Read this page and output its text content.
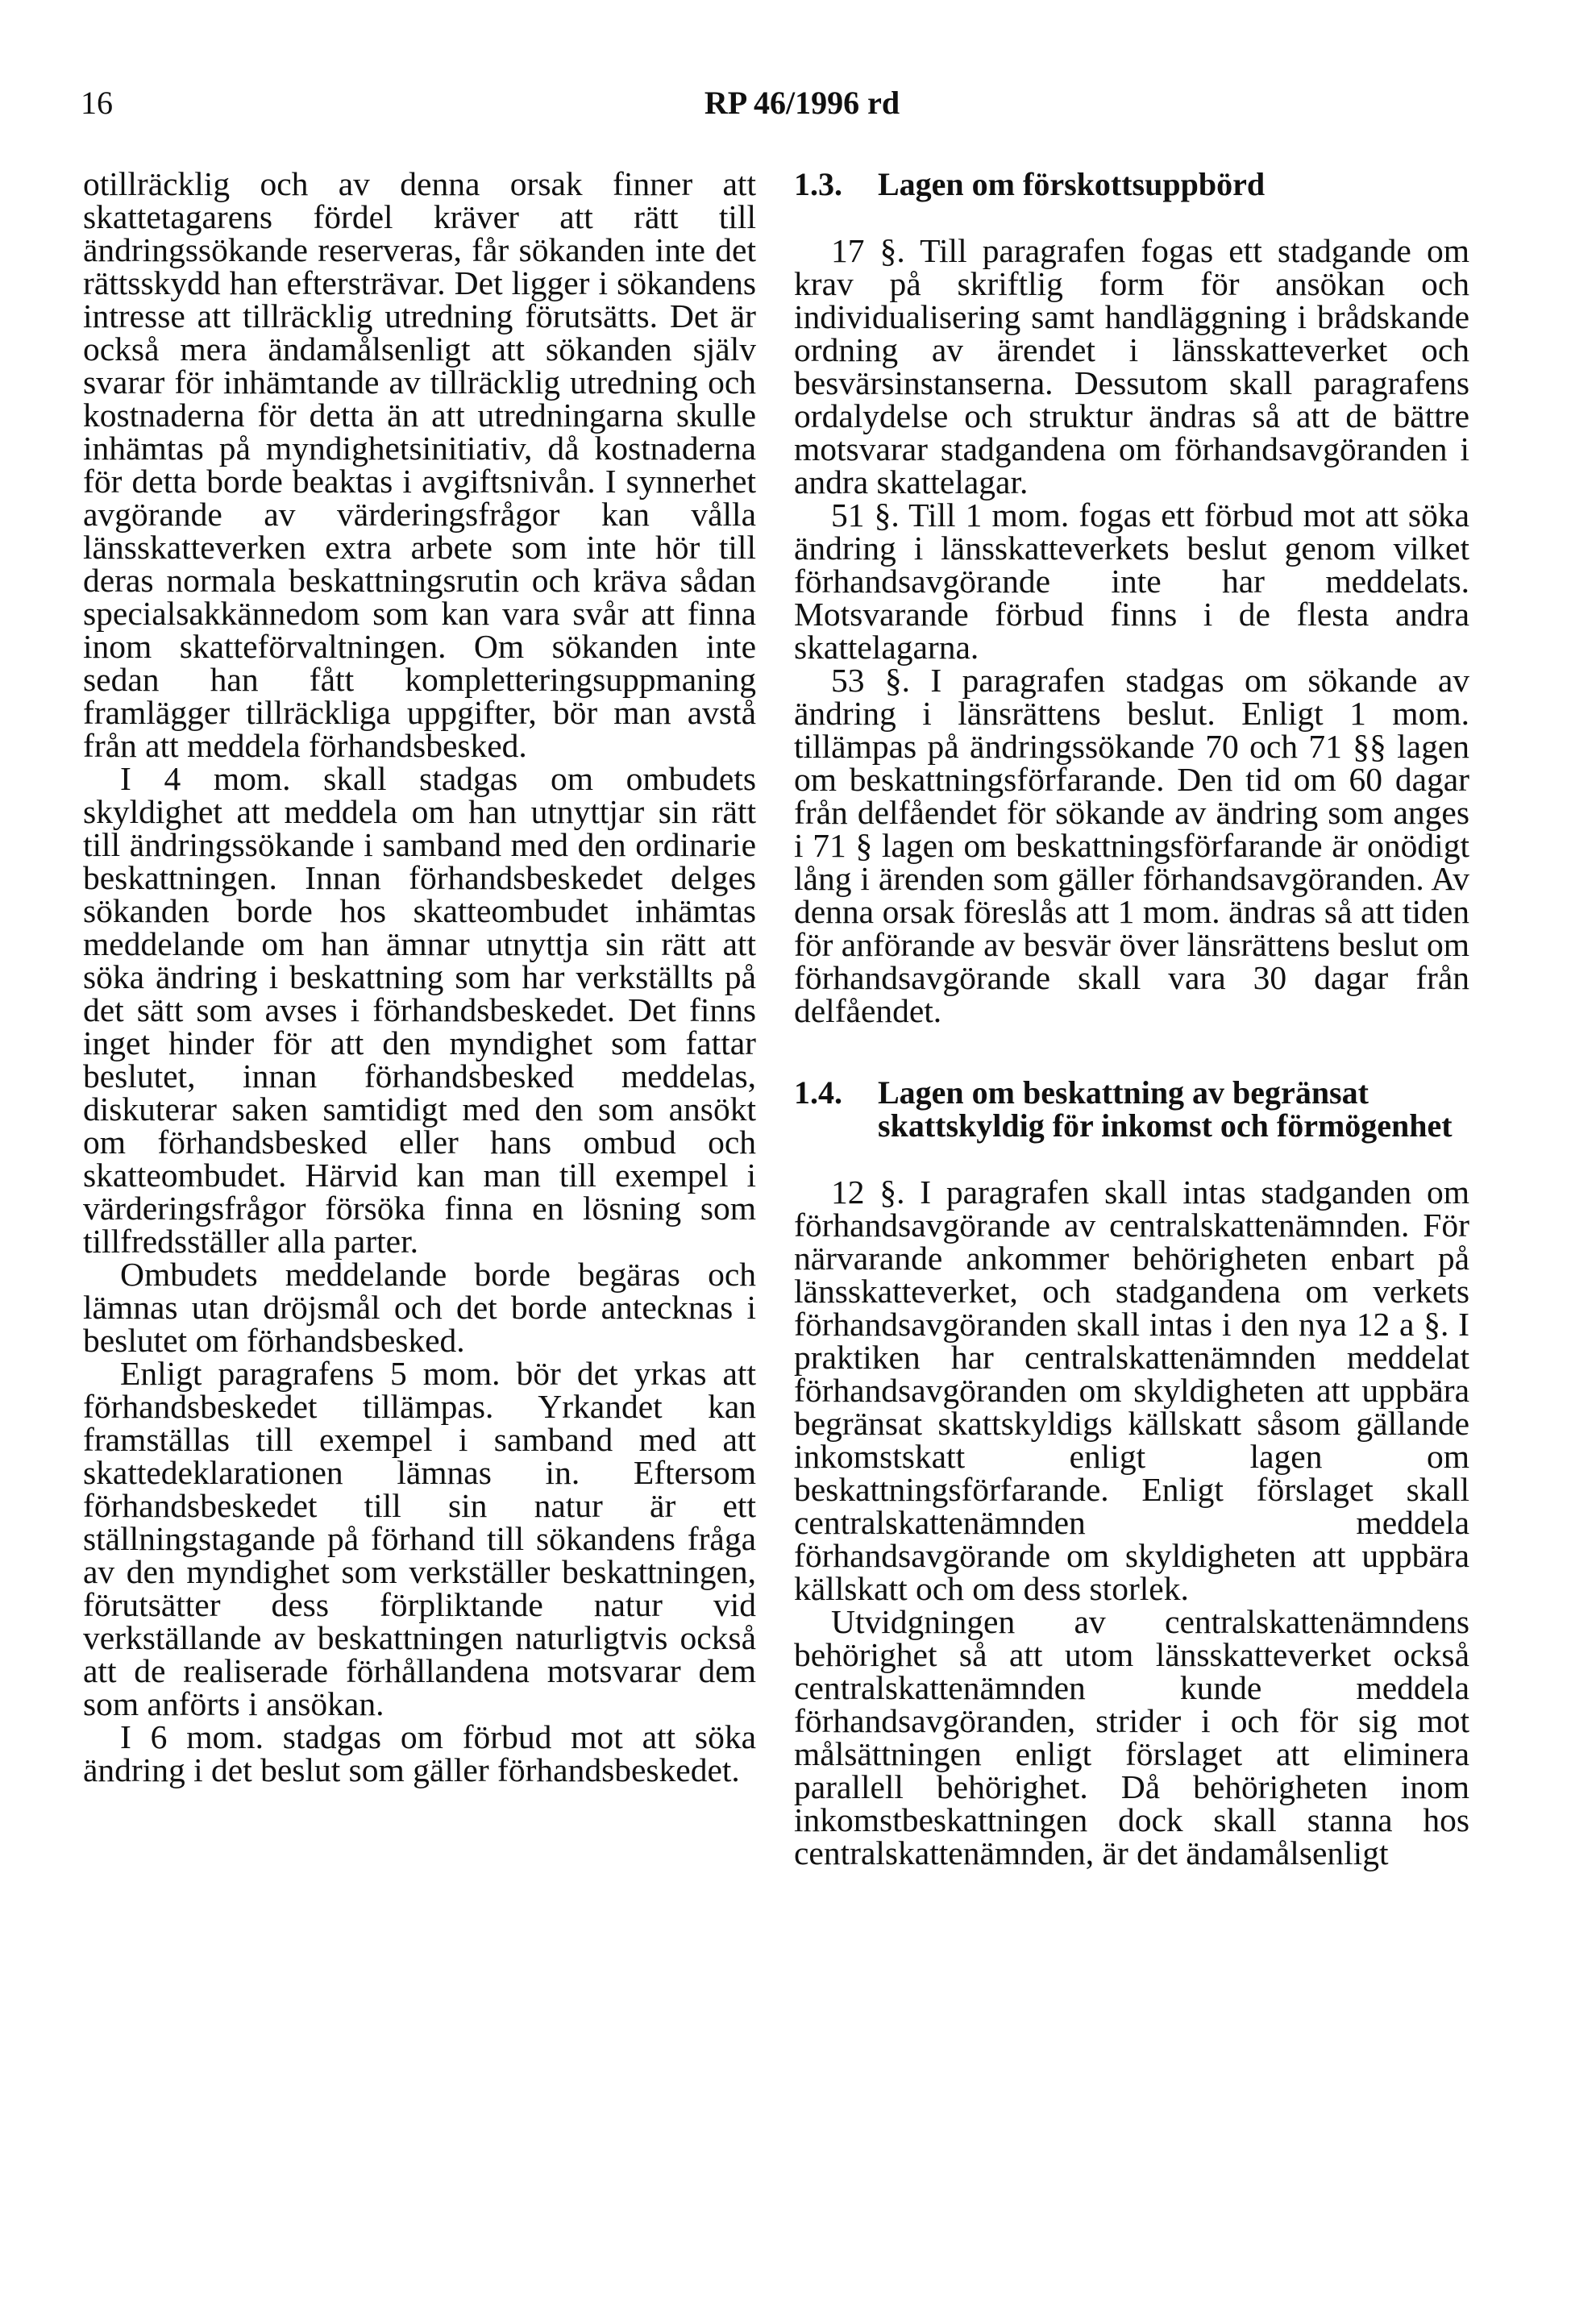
16	RP 46/1996 rd

otillräcklig och av denna orsak finner att skattetagarens fördel kräver att rätt till ändringssökande reserveras, får sökanden inte det rättsskydd han eftersträvar. Det ligger i sökandens intresse att tillräcklig utredning förutsätts. Det är också mera ändamålsenligt att sökanden själv svarar för inhämtande av tillräcklig utredning och kostnaderna för detta än att utredningarna skulle inhämtas på myndighetsinitiativ, då kostnaderna för detta borde beaktas i avgiftsnivån. I synnerhet avgörande av värderingsfrågor kan vålla länsskatteverken extra arbete som inte hör till deras normala beskattningsrutin och kräva sådan specialsakkännedom som kan vara svår att finna inom skatteförvaltningen. Om sökanden inte sedan han fått kompletteringsuppmaning framlägger tillräckliga uppgifter, bör man avstå från att meddela förhandsbesked.

I 4 mom. skall stadgas om ombudets skyldighet att meddela om han utnyttjar sin rätt till ändringssökande i samband med den ordinarie beskattningen. Innan förhandsbeskedet delges sökanden borde hos skatteombudet inhämtas meddelande om han ämnar utnyttja sin rätt att söka ändring i beskattning som har verkställts på det sätt som avses i förhandsbeskedet. Det finns inget hinder för att den myndighet som fattar beslutet, innan förhandsbesked meddelas, diskuterar saken samtidigt med den som ansökt om förhandsbesked eller hans ombud och skatteombudet. Härvid kan man till exempel i värderingsfrågor försöka finna en lösning som tillfredsställer alla parter.

Ombudets meddelande borde begäras och lämnas utan dröjsmål och det borde antecknas i beslutet om förhandsbesked.

Enligt paragrafens 5 mom. bör det yrkas att förhandsbeskedet tillämpas. Yrkandet kan framställas till exempel i samband med att skattedeklarationen lämnas in. Eftersom förhandsbeskedet till sin natur är ett ställningstagande på förhand till sökandens fråga av den myndighet som verkställer beskattningen, förutsätter dess förpliktande natur vid verkställande av beskattningen naturligtvis också att de realiserade förhållandena motsvarar dem som anförts i ansökan.

I 6 mom. stadgas om förbud mot att söka ändring i det beslut som gäller förhandsbeskedet.

1.3.	Lagen om förskottsuppbörd

17 §. Till paragrafen fogas ett stadgande om krav på skriftlig form för ansökan och individualisering samt handläggning i brådskande ordning av ärendet i länsskatteverket och besvärsinstanserna. Dessutom skall paragrafens ordalydelse och struktur ändras så att de bättre motsvarar stadgandena om förhandsavgöranden i andra skattelagar.

51 §. Till 1 mom. fogas ett förbud mot att söka ändring i länsskatteverkets beslut genom vilket förhandsavgörande inte har meddelats. Motsvarande förbud finns i de flesta andra skattelagarna.

53 §. I paragrafen stadgas om sökande av ändring i länsrättens beslut. Enligt 1 mom. tillämpas på ändringssökande 70 och 71 §§ lagen om beskattningsförfarande. Den tid om 60 dagar från delfåendet för sökande av ändring som anges i 71 § lagen om beskattningsförfarande är onödigt lång i ärenden som gäller förhandsavgöranden. Av denna orsak föreslås att 1 mom. ändras så att tiden för anförande av besvär över länsrättens beslut om förhandsavgörande skall vara 30 dagar från delfåendet.

1.4.	Lagen om beskattning av begränsat skattskyldig för inkomst och förmögenhet

12 §. I paragrafen skall intas stadganden om förhandsavgörande av centralskattenämnden. För närvarande ankommer behörigheten enbart på länsskatteverket, och stadgandena om verkets förhandsavgöranden skall intas i den nya 12 a §. I praktiken har centralskattenämnden meddelat förhandsavgöranden om skyldigheten att uppbära begränsat skattskyldigs källskatt såsom gällande inkomstskatt enligt lagen om beskattningsförfarande. Enligt förslaget skall centralskattenämnden meddela förhandsavgörande om skyldigheten att uppbära källskatt och om dess storlek.

Utvidgningen av centralskattenämndens behörighet så att utom länsskatteverket också centralskattenämnden kunde meddela förhandsavgöranden, strider i och för sig mot målsättningen enligt förslaget att eliminera parallell behörighet. Då behörigheten inom inkomstbeskattningen dock skall stanna hos centralskattenämnden, är det ändamålsenligt
